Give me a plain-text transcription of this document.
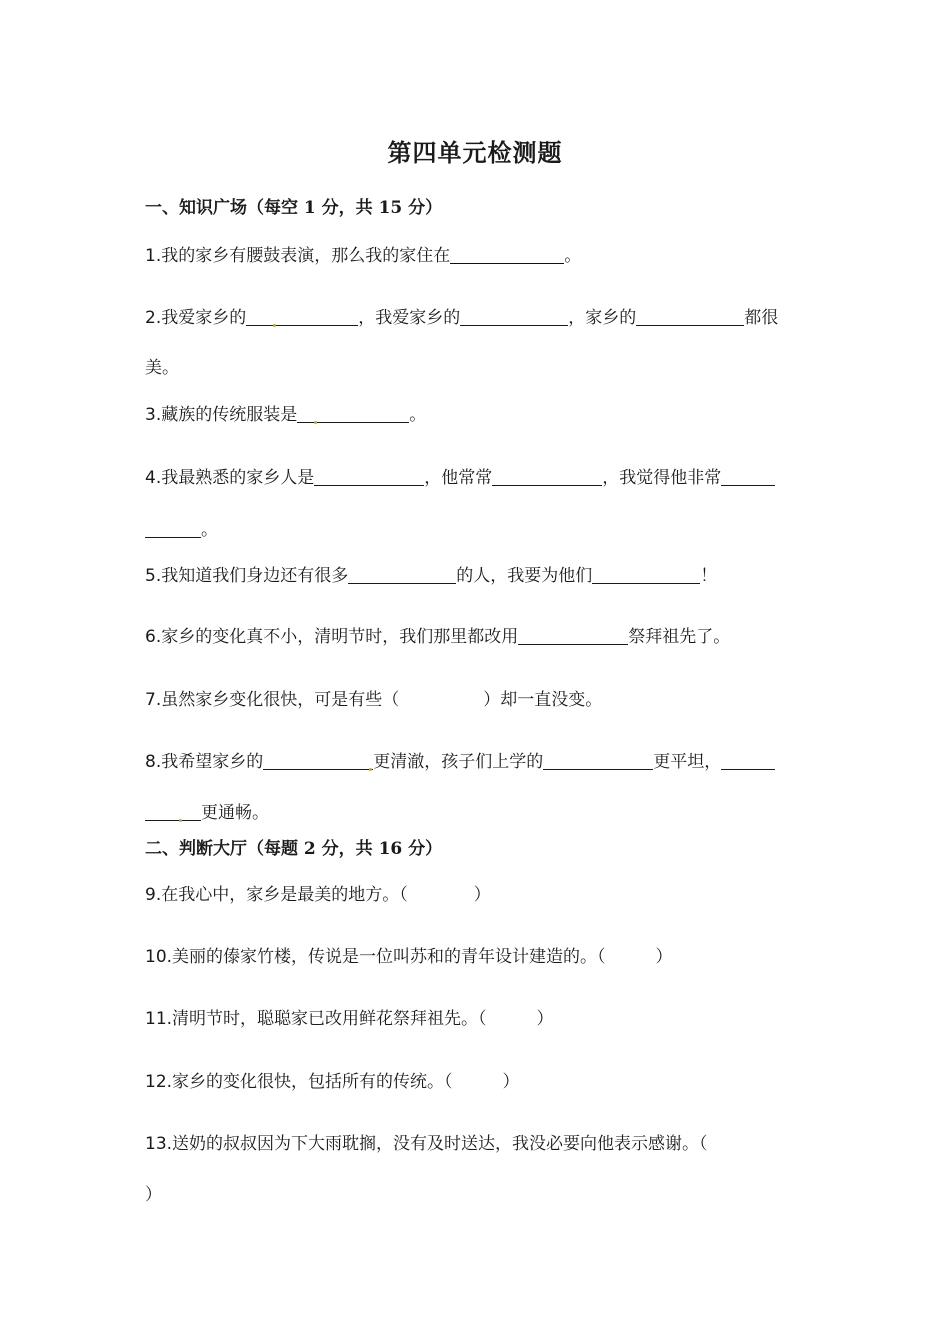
第四单元检测题
一、知识广场（每空 1 分，共 15 分）
1.我的家乡有腰鼓表演，那么我的家住在	。
2.我爱家乡的	，我爱家乡的	，家乡的	都很
美。
3.藏族的传统服装是	。
4.我最熟悉的家乡人是	，他常常	，我觉得他非常
。
5.我知道我们身边还有很多	的人，我要为他们	！
6.家乡的变化真不小，清明节时，我们那里都改用	祭拜祖先了。
7.虽然家乡变化很快，可是有些（	）却一直没变。
8.我希望家乡的	更清澈，孩子们上学的	更平坦，
更通畅。
二、判断大厅（每题 2 分，共 16 分）
9.在我心中，家乡是最美的地方。（	）
10.美丽的傣家竹楼，传说是一位叫苏和的青年设计建造的。（	）
11.清明节时，聪聪家已改用鲜花祭拜祖先。（	）
12.家乡的变化很快，包括所有的传统。（	）
13.送奶的叔叔因为下大雨耽搁，没有及时送达，我没必要向他表示感谢。（
）
